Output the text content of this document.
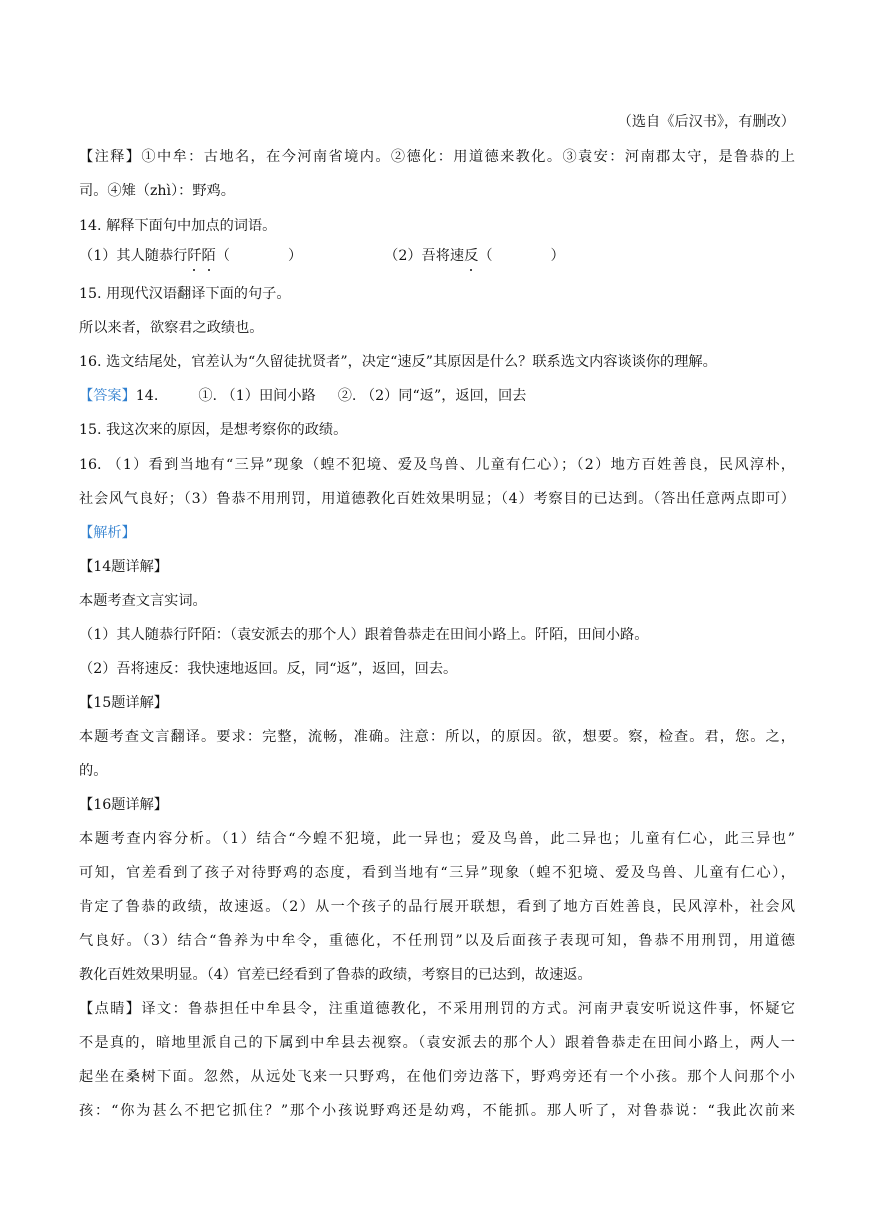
（选自《后汉书》，有删改）
【注释】①中牟：古地名，在今河南省境内。②德化：用道德来教化。③袁安：河南郡太守，是鲁恭的上
司。④雉（zhì）：野鸡。
14. 解释下面句中加点的词语。
（1）其人随恭行阡陌（	）	（2）吾将速反（	）
15. 用现代汉语翻译下面的句子。
所以来者，欲察君之政绩也。
16. 选文结尾处，官差认为“久留徒扰贤者”，决定“速反”其原因是什么？联系选文内容谈谈你的理解。
【答案】14.	①. （1）田间小路 ②. （2）同“返”，返回，回去
15. 我这次来的原因，是想考察你的政绩。
16. （1）看到当地有“三异”现象（蝗不犯境、爱及鸟兽、儿童有仁心）；（2）地方百姓善良，民风淳朴，
社会风气良好；（3）鲁恭不用刑罚，用道德教化百姓效果明显；（4）考察目的已达到。（答出任意两点即可）
【解析】
【14题详解】
本题考查文言实词。
（1）其人随恭行阡陌：（袁安派去的那个人）跟着鲁恭走在田间小路上。阡陌，田间小路。
（2）吾将速反：我快速地返回。反，同“返”，返回，回去。
【15题详解】
本题考查文言翻译。要求：完整，流畅，准确。注意：所以，的原因。欲，想要。察，检查。君，您。之，
的。
【16题详解】
本题考查内容分析。（1）结合“今蝗不犯境，此一异也；爱及鸟兽，此二异也；儿童有仁心，此三异也”
可知，官差看到了孩子对待野鸡的态度，看到当地有“三异”现象（蝗不犯境、爱及鸟兽、儿童有仁心），
肯定了鲁恭的政绩，故速返。（2）从一个孩子的品行展开联想，看到了地方百姓善良，民风淳朴，社会风
气良好。（3）结合“鲁养为中牟令，重德化，不任刑罚”以及后面孩子表现可知，鲁恭不用刑罚，用道德
教化百姓效果明显。（4）官差已经看到了鲁恭的政绩，考察目的已达到，故速返。
【点睛】译文：鲁恭担任中牟县令，注重道德教化，不采用刑罚的方式。河南尹袁安听说这件事，怀疑它
不是真的，暗地里派自己的下属到中牟县去视察。（袁安派去的那个人）跟着鲁恭走在田间小路上，两人一
起坐在桑树下面。忽然，从远处飞来一只野鸡，在他们旁边落下，野鸡旁还有一个小孩。那个人问那个小
孩：“你为甚么不把它抓住？”那个小孩说野鸡还是幼鸡，不能抓。那人听了，对鲁恭说：“我此次前来
